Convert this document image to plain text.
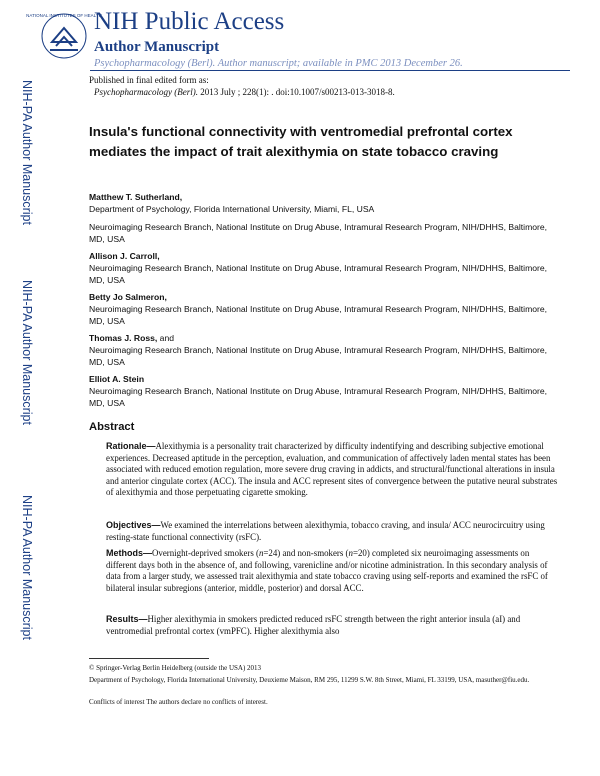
NATIONAL INSTITUTES OF HEALTH
NIH Public Access
Author Manuscript
Psychopharmacology (Berl). Author manuscript; available in PMC 2013 December 26.
NIH-PA Author Manuscript
NIH-PA Author Manuscript
NIH-PA Author Manuscript
Published in final edited form as:
Psychopharmacology (Berl). 2013 July ; 228(1): . doi:10.1007/s00213-013-3018-8.
Insula's functional connectivity with ventromedial prefrontal cortex mediates the impact of trait alexithymia on state tobacco craving
Matthew T. Sutherland,
Department of Psychology, Florida International University, Miami, FL, USA
Neuroimaging Research Branch, National Institute on Drug Abuse, Intramural Research Program, NIH/DHHS, Baltimore, MD, USA
Allison J. Carroll,
Neuroimaging Research Branch, National Institute on Drug Abuse, Intramural Research Program, NIH/DHHS, Baltimore, MD, USA
Betty Jo Salmeron,
Neuroimaging Research Branch, National Institute on Drug Abuse, Intramural Research Program, NIH/DHHS, Baltimore, MD, USA
Thomas J. Ross, and
Neuroimaging Research Branch, National Institute on Drug Abuse, Intramural Research Program, NIH/DHHS, Baltimore, MD, USA
Elliot A. Stein
Neuroimaging Research Branch, National Institute on Drug Abuse, Intramural Research Program, NIH/DHHS, Baltimore, MD, USA
Abstract
Rationale—Alexithymia is a personality trait characterized by difficulty indentifying and describing subjective emotional experiences. Decreased aptitude in the perception, evaluation, and communication of affectively laden mental states has been associated with reduced emotion regulation, more severe drug craving in addicts, and structural/functional alterations in insula and anterior cingulate cortex (ACC). The insula and ACC represent sites of convergence between the putative neural substrates of alexithymia and those perpetuating cigarette smoking.
Objectives—We examined the interrelations between alexithymia, tobacco craving, and insula/ ACC neurocircuitry using resting-state functional connectivity (rsFC).
Methods—Overnight-deprived smokers (n=24) and non-smokers (n=20) completed six neuroimaging assessments on different days both in the absence of, and following, varenicline and/or nicotine administration. In this secondary analysis of data from a larger study, we assessed trait alexithymia and state tobacco craving using self-reports and examined the rsFC of bilateral insular subregions (anterior, middle, posterior) and dorsal ACC.
Results—Higher alexithymia in smokers predicted reduced rsFC strength between the right anterior insula (aI) and ventromedial prefrontal cortex (vmPFC). Higher alexithymia also
© Springer-Verlag Berlin Heidelberg (outside the USA) 2013
Department of Psychology, Florida International University, Deuxieme Maison, RM 295, 11299 S.W. 8th Street, Miami, FL 33199, USA, masuther@fiu.edu.
Conflicts of interest The authors declare no conflicts of interest.
